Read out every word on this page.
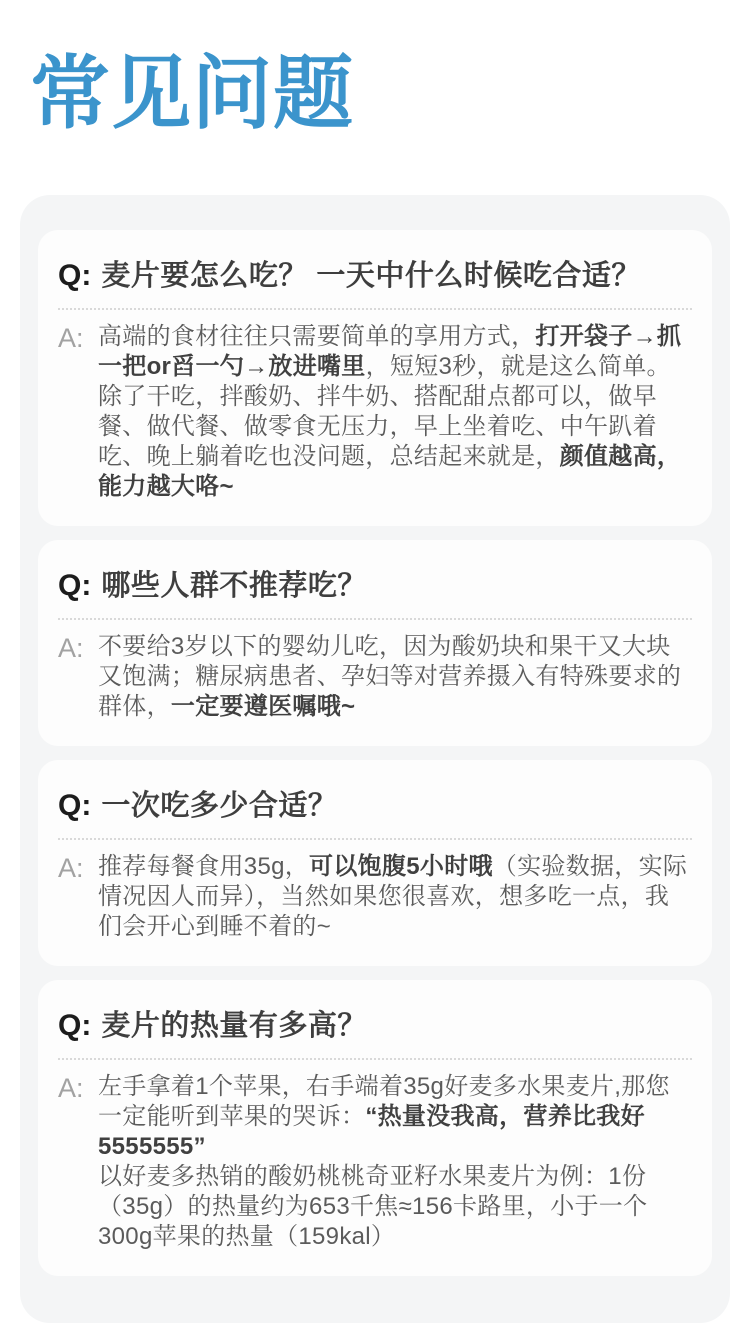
常见问题
Q: 麦片要怎么吃？ 一天中什么时候吃合适？
A: 高端的食材往往只需要简单的享用方式，打开袋子→抓一把or舀一勺→放进嘴里，短短3秒，就是这么简单。除了干吃，拌酸奶、拌牛奶、搭配甜点都可以，做早餐、做代餐、做零食无压力，早上坐着吃、中午趴着吃、晚上躺着吃也没问题，总结起来就是，颜值越高，能力越大咯~
Q: 哪些人群不推荐吃？
A: 不要给3岁以下的婴幼儿吃，因为酸奶块和果干又大块又饱满；糖尿病患者、孕妇等对营养摄入有特殊要求的群体，一定要遵医嘱哦~
Q: 一次吃多少合适？
A: 推荐每餐食用35g，可以饱腹5小时哦（实验数据，实际情况因人而异），当然如果您很喜欢，想多吃一点，我们会开心到睡不着的~
Q: 麦片的热量有多高？
A: 左手拿着1个苹果，右手端着35g好麦多水果麦片,那您一定能听到苹果的哭诉：“热量没我高，营养比我好5555555”
以好麦多热销的酸奶桃桃奇亚籽水果麦片为例：1份（35g）的热量约为653千焦≈156卡路里，小于一个300g苹果的热量（159kal）
